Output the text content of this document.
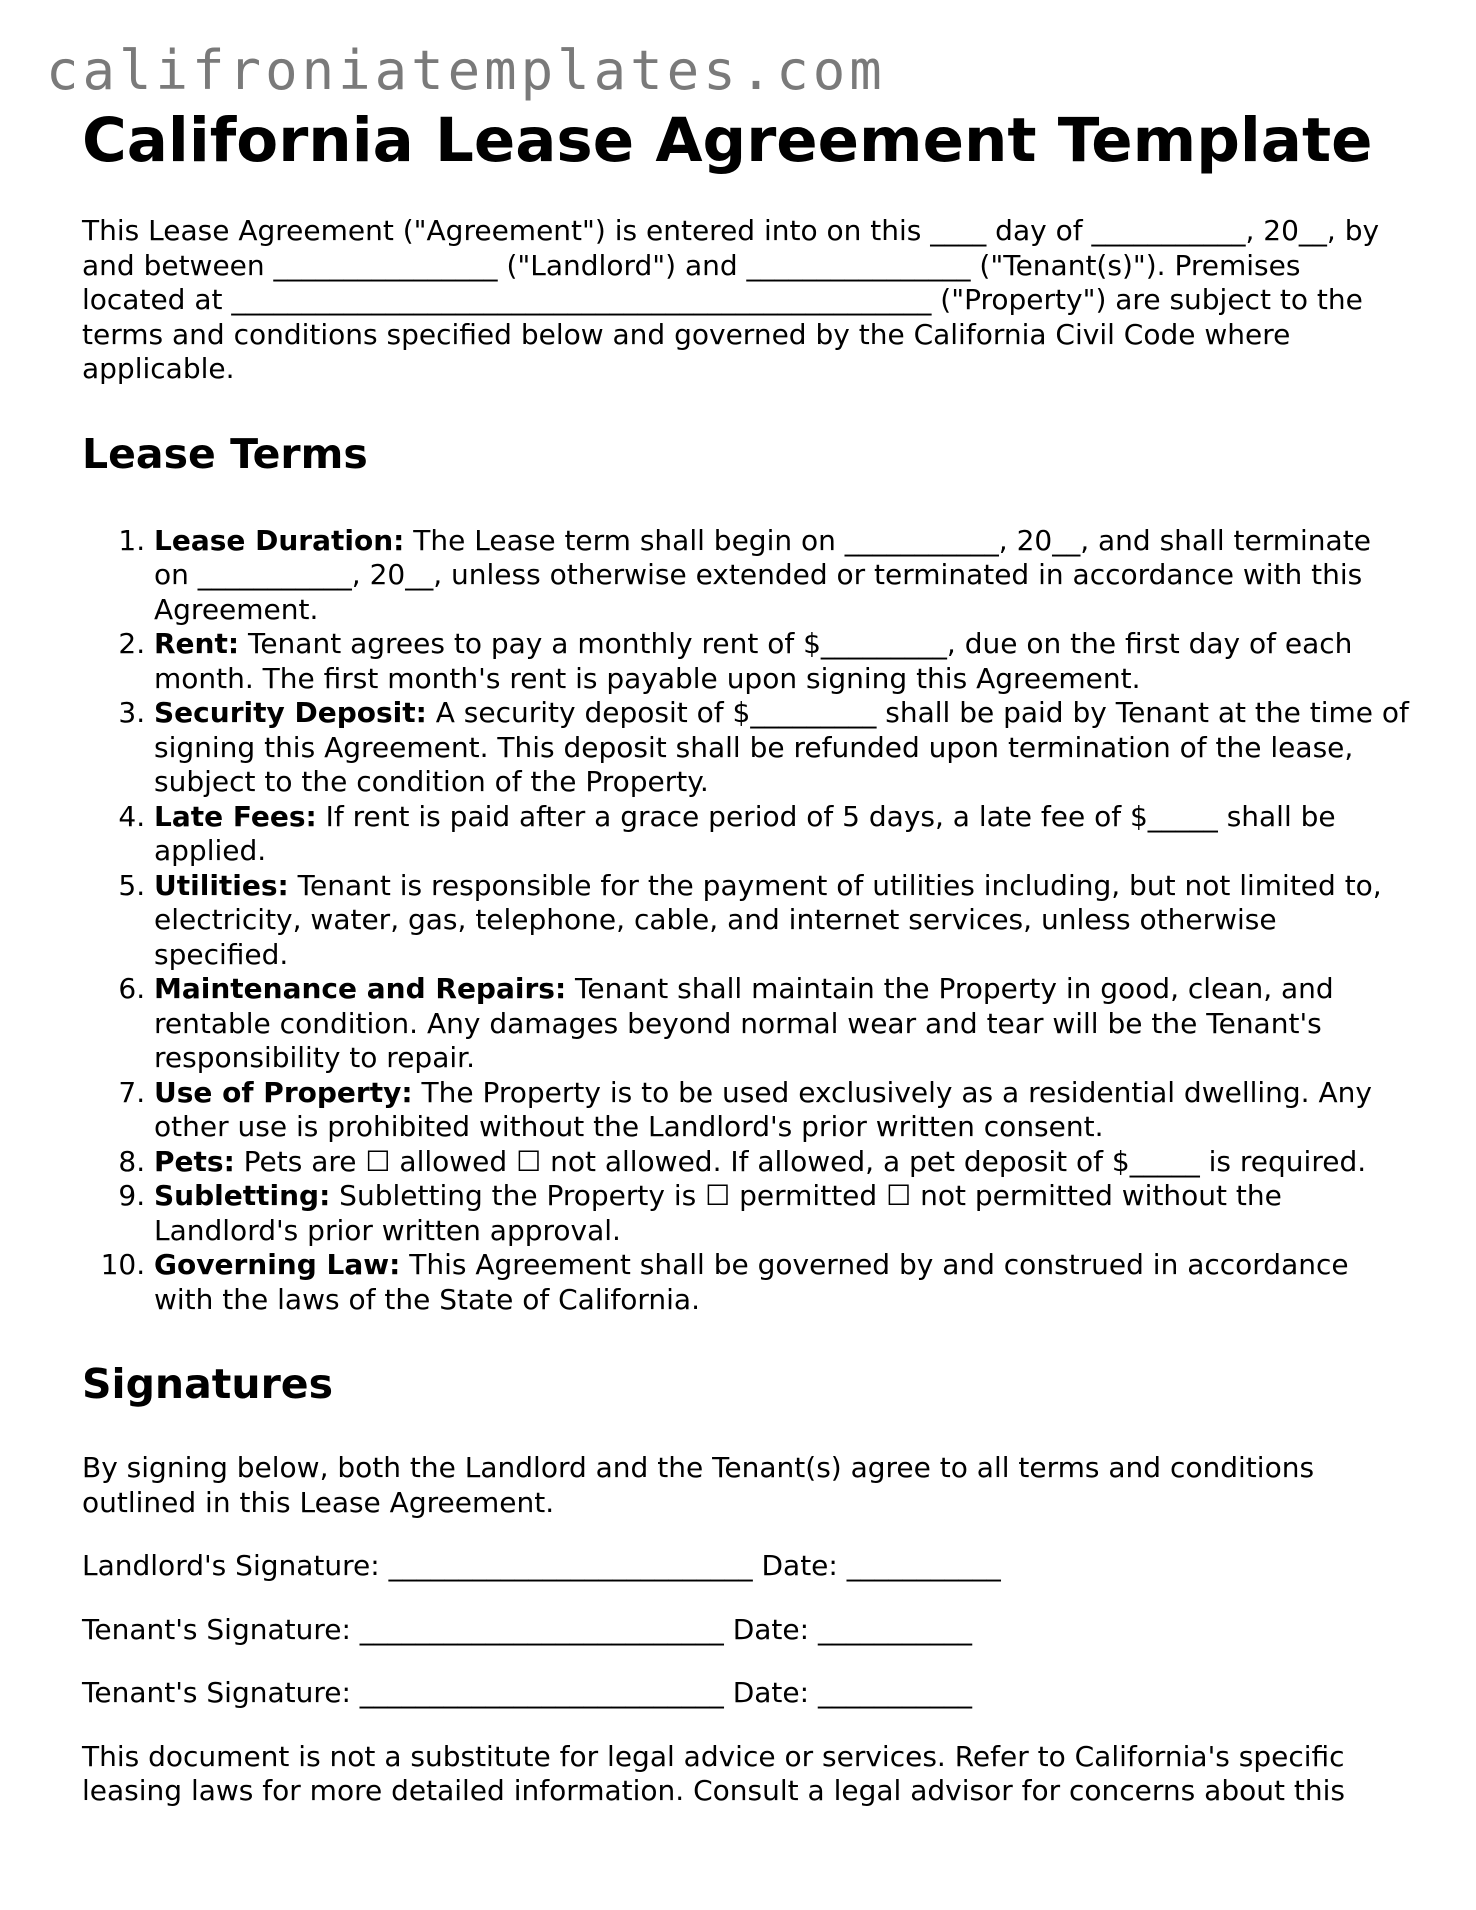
califroniatemplates.com
California Lease Agreement Template

This Lease Agreement ("Agreement") is entered into on this ____ day of ___________, 20__, by and between ________________ ("Landlord") and ________________ ("Tenant(s)"). Premises located at __________________________________________________ ("Property") are subject to the terms and conditions specified below and governed by the California Civil Code where applicable.

Lease Terms
1. Lease Duration: The Lease term shall begin on ___________, 20__, and shall terminate on ___________, 20__, unless otherwise extended or terminated in accordance with this Agreement.
2. Rent: Tenant agrees to pay a monthly rent of $_________, due on the first day of each month. The first month's rent is payable upon signing this Agreement.
3. Security Deposit: A security deposit of $_________ shall be paid by Tenant at the time of signing this Agreement. This deposit shall be refunded upon termination of the lease, subject to the condition of the Property.
4. Late Fees: If rent is paid after a grace period of 5 days, a late fee of $_____ shall be applied.
5. Utilities: Tenant is responsible for the payment of utilities including, but not limited to, electricity, water, gas, telephone, cable, and internet services, unless otherwise specified.
6. Maintenance and Repairs: Tenant shall maintain the Property in good, clean, and rentable condition. Any damages beyond normal wear and tear will be the Tenant's responsibility to repair.
7. Use of Property: The Property is to be used exclusively as a residential dwelling. Any other use is prohibited without the Landlord's prior written consent.
8. Pets: Pets are ☐ allowed ☐ not allowed. If allowed, a pet deposit of $_____ is required.
9. Subletting: Subletting the Property is ☐ permitted ☐ not permitted without the Landlord's prior written approval.
10. Governing Law: This Agreement shall be governed by and construed in accordance with the laws of the State of California.
Signatures

By signing below, both the Landlord and the Tenant(s) agree to all terms and conditions outlined in this Lease Agreement.

Landlord's Signature: __________________________ Date: ___________

Tenant's Signature: __________________________ Date: ___________

Tenant's Signature: __________________________ Date: ___________

This document is not a substitute for legal advice or services. Refer to California's specific leasing laws for more detailed information. Consult a legal advisor for concerns about this
